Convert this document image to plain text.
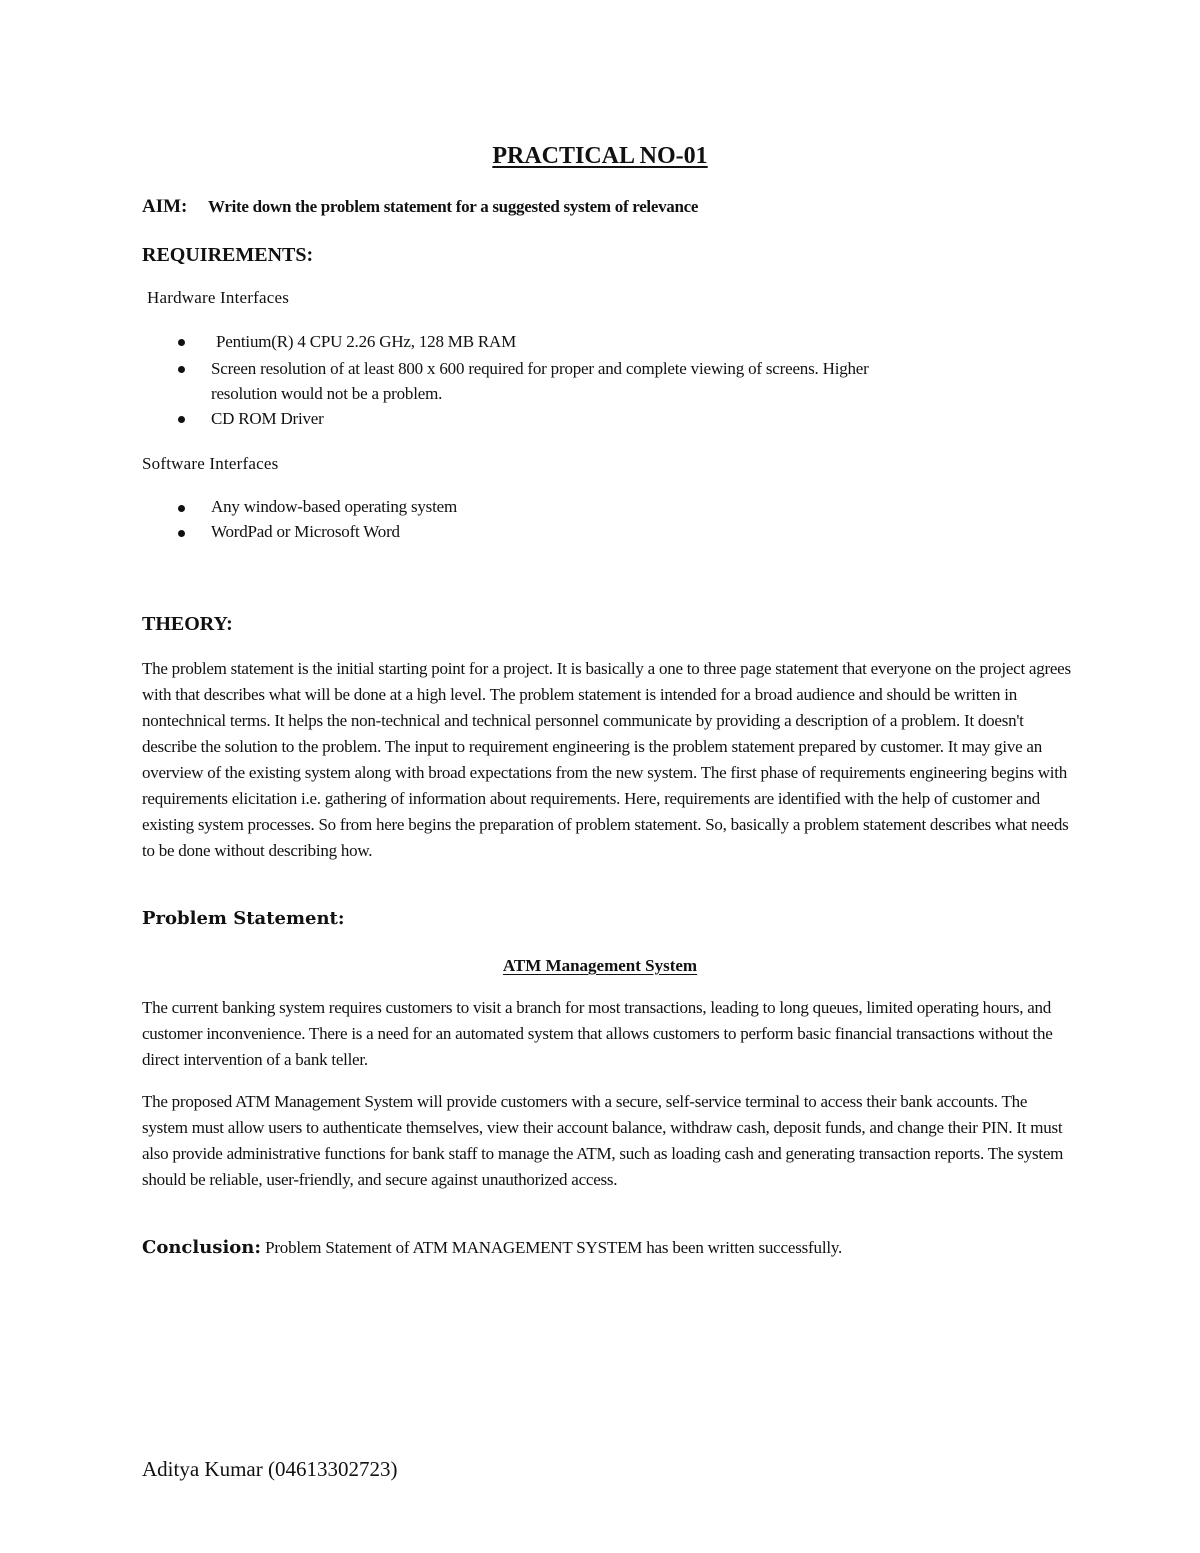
PRACTICAL NO-01
AIM: Write down the problem statement for a suggested system of relevance
REQUIREMENTS:
Hardware Interfaces
Pentium(R) 4 CPU 2.26 GHz, 128 MB RAM
Screen resolution of at least 800 x 600 required for proper and complete viewing of screens. Higher
resolution would not be a problem.
CD ROM Driver
Software Interfaces
Any window-based operating system
WordPad or Microsoft Word
THEORY:
The problem statement is the initial starting point for a project. It is basically a one to three page statement that everyone on the project agrees with that describes what will be done at a high level. The problem statement is intended for a broad audience and should be written in nontechnical terms. It helps the non-technical and technical personnel communicate by providing a description of a problem. It doesn't describe the solution to the problem. The input to requirement engineering is the problem statement prepared by customer. It may give an overview of the existing system along with broad expectations from the new system. The first phase of requirements engineering begins with requirements elicitation i.e. gathering of information about requirements. Here, requirements are identified with the help of customer and existing system processes. So from here begins the preparation of problem statement. So, basically a problem statement describes what needs to be done without describing how.
Problem Statement:
ATM Management System
The current banking system requires customers to visit a branch for most transactions, leading to long queues, limited operating hours, and customer inconvenience. There is a need for an automated system that allows customers to perform basic financial transactions without the direct intervention of a bank teller.
The proposed ATM Management System will provide customers with a secure, self-service terminal to access their bank accounts. The system must allow users to authenticate themselves, view their account balance, withdraw cash, deposit funds, and change their PIN. It must also provide administrative functions for bank staff to manage the ATM, such as loading cash and generating transaction reports. The system should be reliable, user-friendly, and secure against unauthorized access.
Conclusion: Problem Statement of ATM MANAGEMENT SYSTEM has been written successfully.
Aditya Kumar (04613302723)
